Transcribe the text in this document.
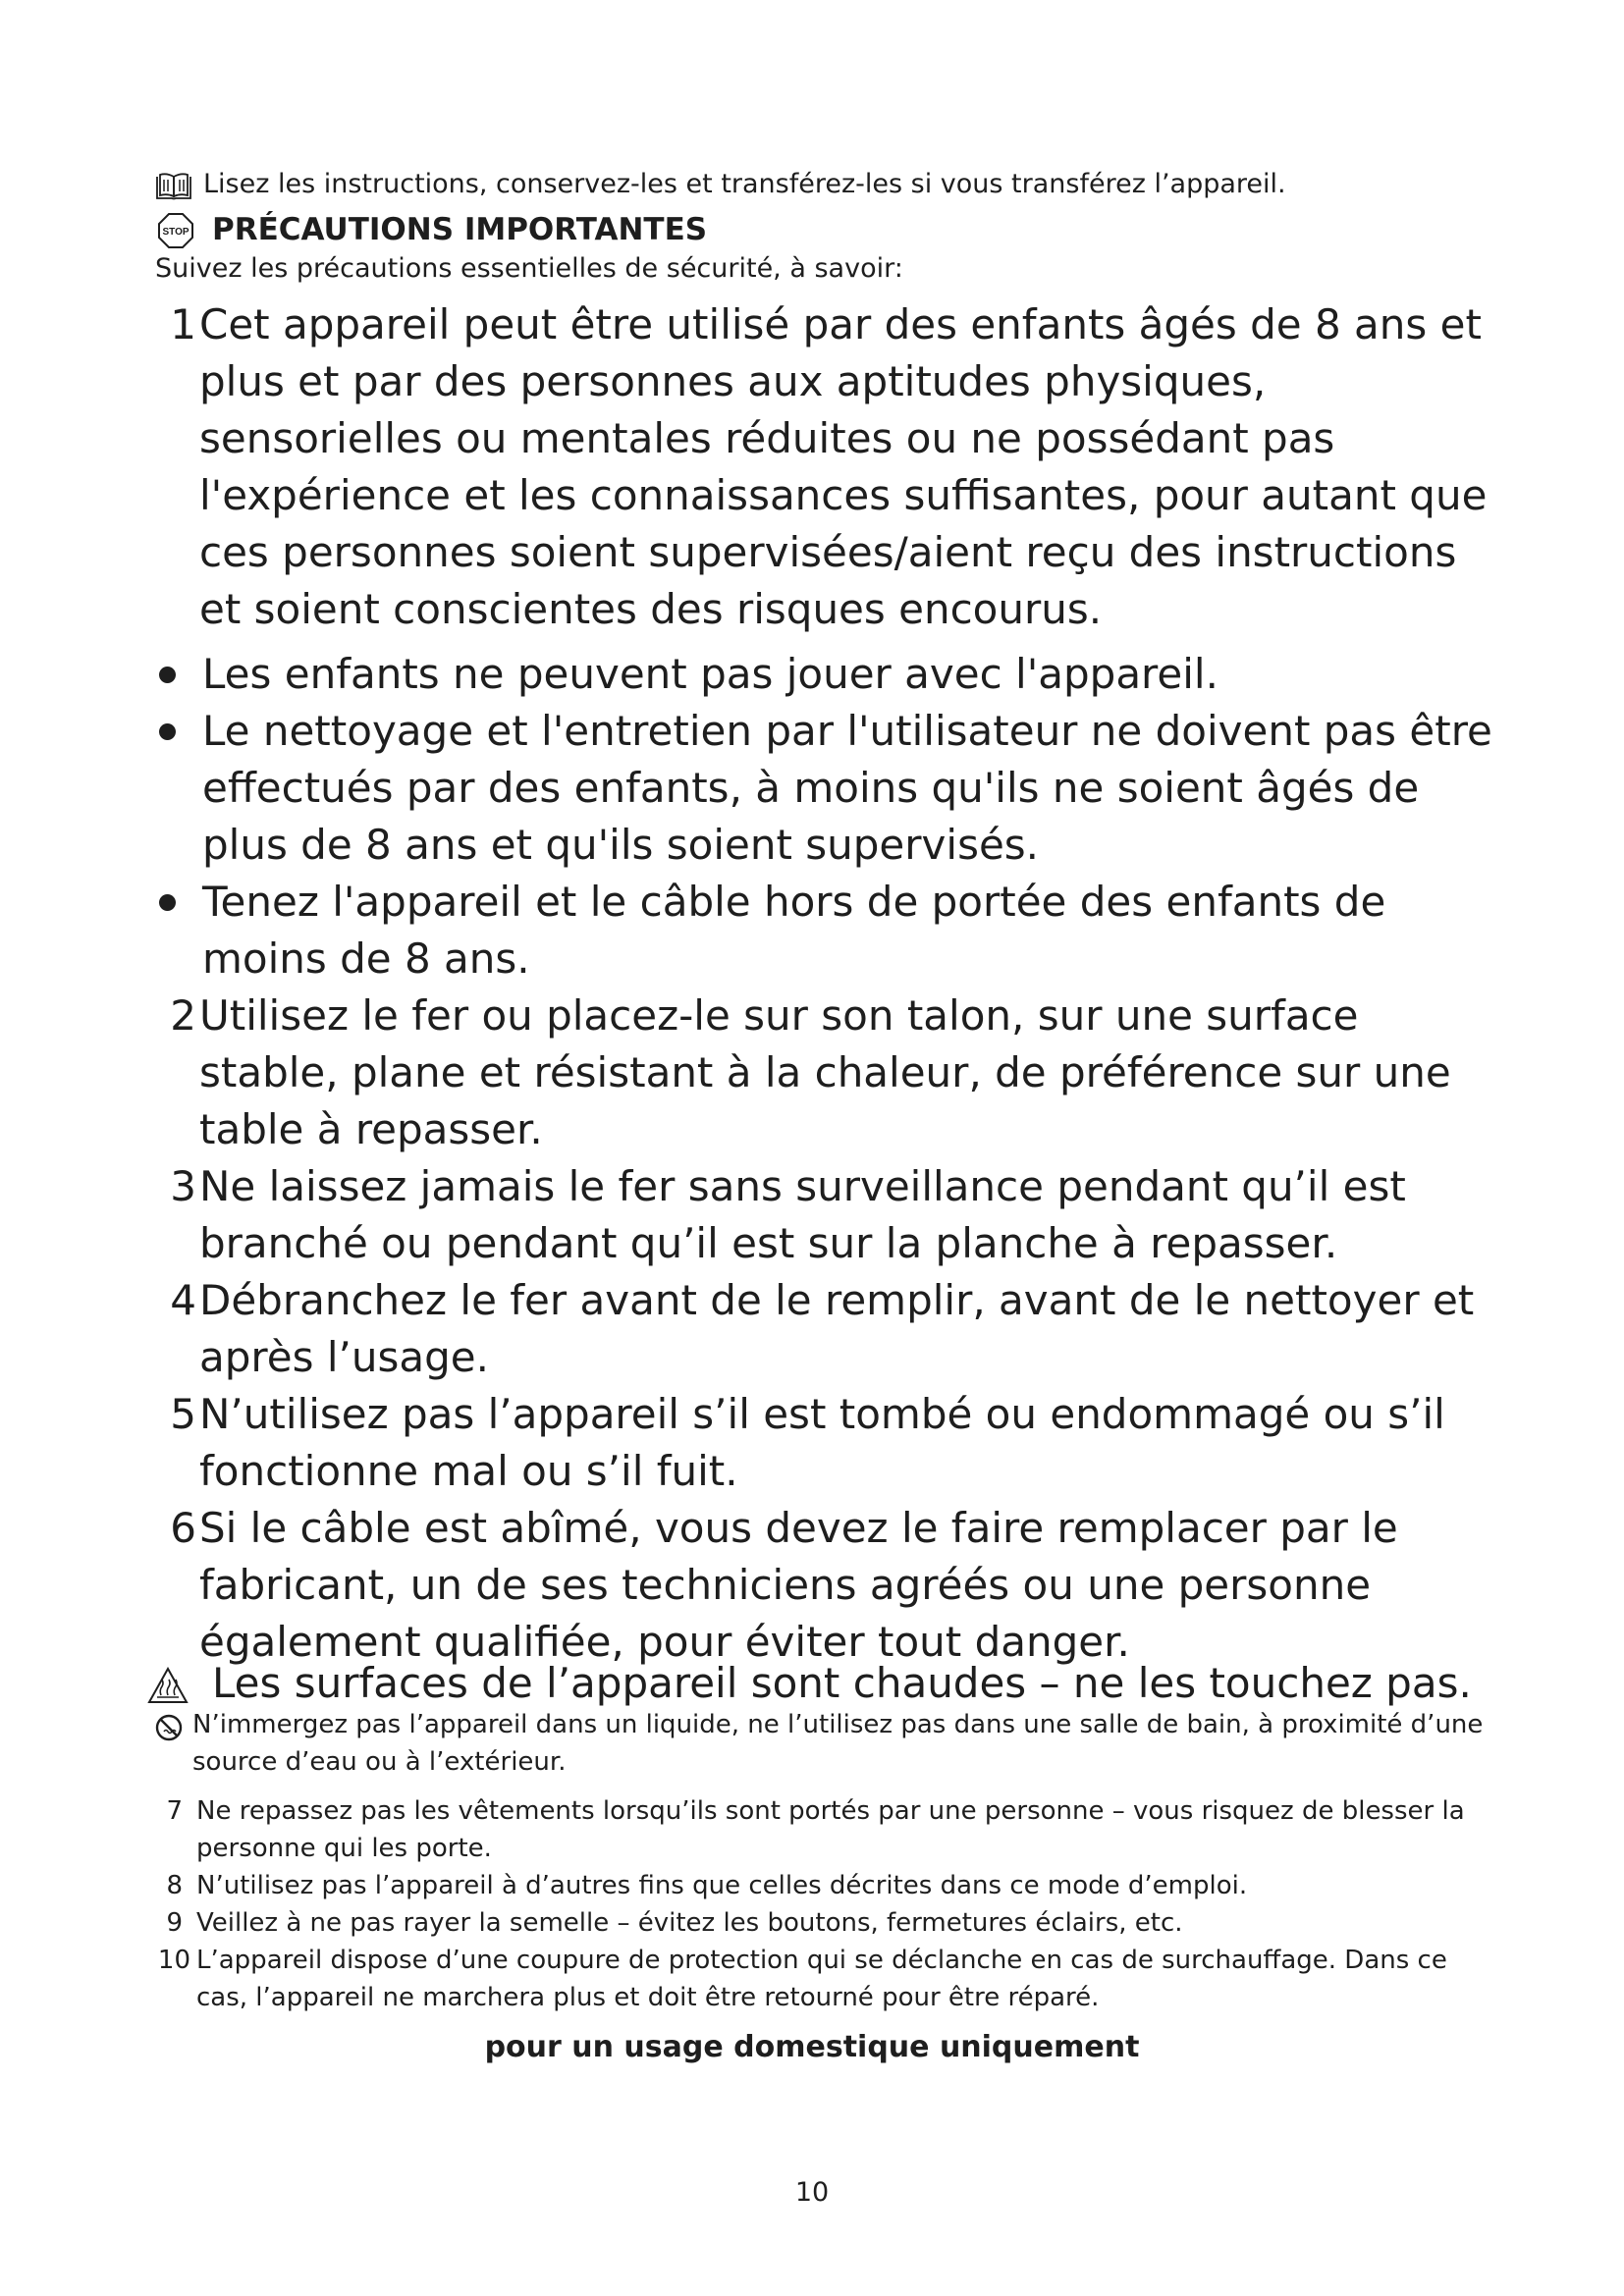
Lisez les instructions, conservez-les et transférez-les si vous transférez l’appareil.
STOP PRÉCAUTIONS IMPORTANTES
Suivez les précautions essentielles de sécurité, à savoir:
1 Cet appareil peut être utilisé par des enfants âgés de 8 ans et plus et par des personnes aux aptitudes physiques, sensorielles ou mentales réduites ou ne possédant pas l'expérience et les connaissances suffisantes, pour autant que ces personnes soient supervisées/aient reçu des instructions et soient conscientes des risques encourus.
Les enfants ne peuvent pas jouer avec l'appareil.
Le nettoyage et l'entretien par l'utilisateur ne doivent pas être effectués par des enfants, à moins qu'ils ne soient âgés de plus de 8 ans et qu'ils soient supervisés.
Tenez l'appareil et le câble hors de portée des enfants de moins de 8 ans.
2 Utilisez le fer ou placez-le sur son talon, sur une surface stable, plane et résistant à la chaleur, de préférence sur une table à repasser.
3 Ne laissez jamais le fer sans surveillance pendant qu’il est branché ou pendant qu’il est sur la planche à repasser.
4 Débranchez le fer avant de le remplir, avant de le nettoyer et après l’usage.
5 N’utilisez pas l’appareil s’il est tombé ou endommagé ou s’il fonctionne mal ou s’il fuit.
6 Si le câble est abîmé, vous devez le faire remplacer par le fabricant, un de ses techniciens agréés ou une personne également qualifiée, pour éviter tout danger.
Les surfaces de l’appareil sont chaudes – ne les touchez pas.
N’immergez pas l’appareil dans un liquide, ne l’utilisez pas dans une salle de bain, à proximité d’une source d’eau ou à l’extérieur.
7 Ne repassez pas les vêtements lorsqu’ils sont portés par une personne – vous risquez de blesser la personne qui les porte.
8 N’utilisez pas l’appareil à d’autres fins que celles décrites dans ce mode d’emploi.
9 Veillez à ne pas rayer la semelle – évitez les boutons, fermetures éclairs, etc.
10 L’appareil dispose d’une coupure de protection qui se déclanche en cas de surchauffage. Dans ce cas, l’appareil ne marchera plus et doit être retourné pour être réparé.
pour un usage domestique uniquement
10
